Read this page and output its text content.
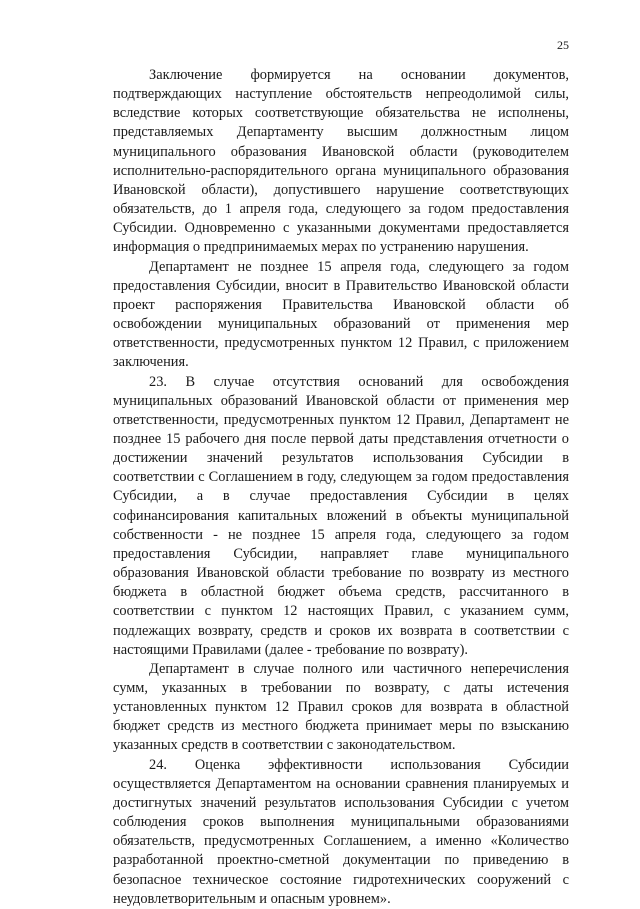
25

Заключение формируется на основании документов, подтверждающих наступление обстоятельств непреодолимой силы, вследствие которых соответствующие обязательства не исполнены, представляемых Департаменту высшим должностным лицом муниципального образования Ивановской области (руководителем исполнительно-распорядительного органа муниципального образования Ивановской области), допустившего нарушение соответствующих обязательств, до 1 апреля года, следующего за годом предоставления Субсидии. Одновременно с указанными документами предоставляется информация о предпринимаемых мерах по устранению нарушения.

Департамент не позднее 15 апреля года, следующего за годом предоставления Субсидии, вносит в Правительство Ивановской области проект распоряжения Правительства Ивановской области об освобождении муниципальных образований от применения мер ответственности, предусмотренных пунктом 12 Правил, с приложением заключения.

23. В случае отсутствия оснований для освобождения муниципальных образований Ивановской области от применения мер ответственности, предусмотренных пунктом 12 Правил, Департамент не позднее 15 рабочего дня после первой даты представления отчетности о достижении значений результатов использования Субсидии в соответствии с Соглашением в году, следующем за годом предоставления Субсидии, а в случае предоставления Субсидии в целях софинансирования капитальных вложений в объекты муниципальной собственности - не позднее 15 апреля года, следующего за годом предоставления Субсидии, направляет главе муниципального образования Ивановской области требование по возврату из местного бюджета в областной бюджет объема средств, рассчитанного в соответствии с пунктом 12 настоящих Правил, с указанием сумм, подлежащих возврату, средств и сроков их возврата в соответствии с настоящими Правилами (далее - требование по возврату).

Департамент в случае полного или частичного неперечисления сумм, указанных в требовании по возврату, с даты истечения установленных пунктом 12 Правил сроков для возврата в областной бюджет средств из местного бюджета принимает меры по взысканию указанных средств в соответствии с законодательством.

24. Оценка эффективности использования Субсидии осуществляется Департаментом на основании сравнения планируемых и достигнутых значений результатов использования Субсидии с учетом соблюдения сроков выполнения муниципальными образованиями обязательств, предусмотренных Соглашением, а именно «Количество разработанной проектно-сметной документации по приведению в безопасное техническое состояние гидротехнических сооружений с неудовлетворительным и опасным уровнем».
